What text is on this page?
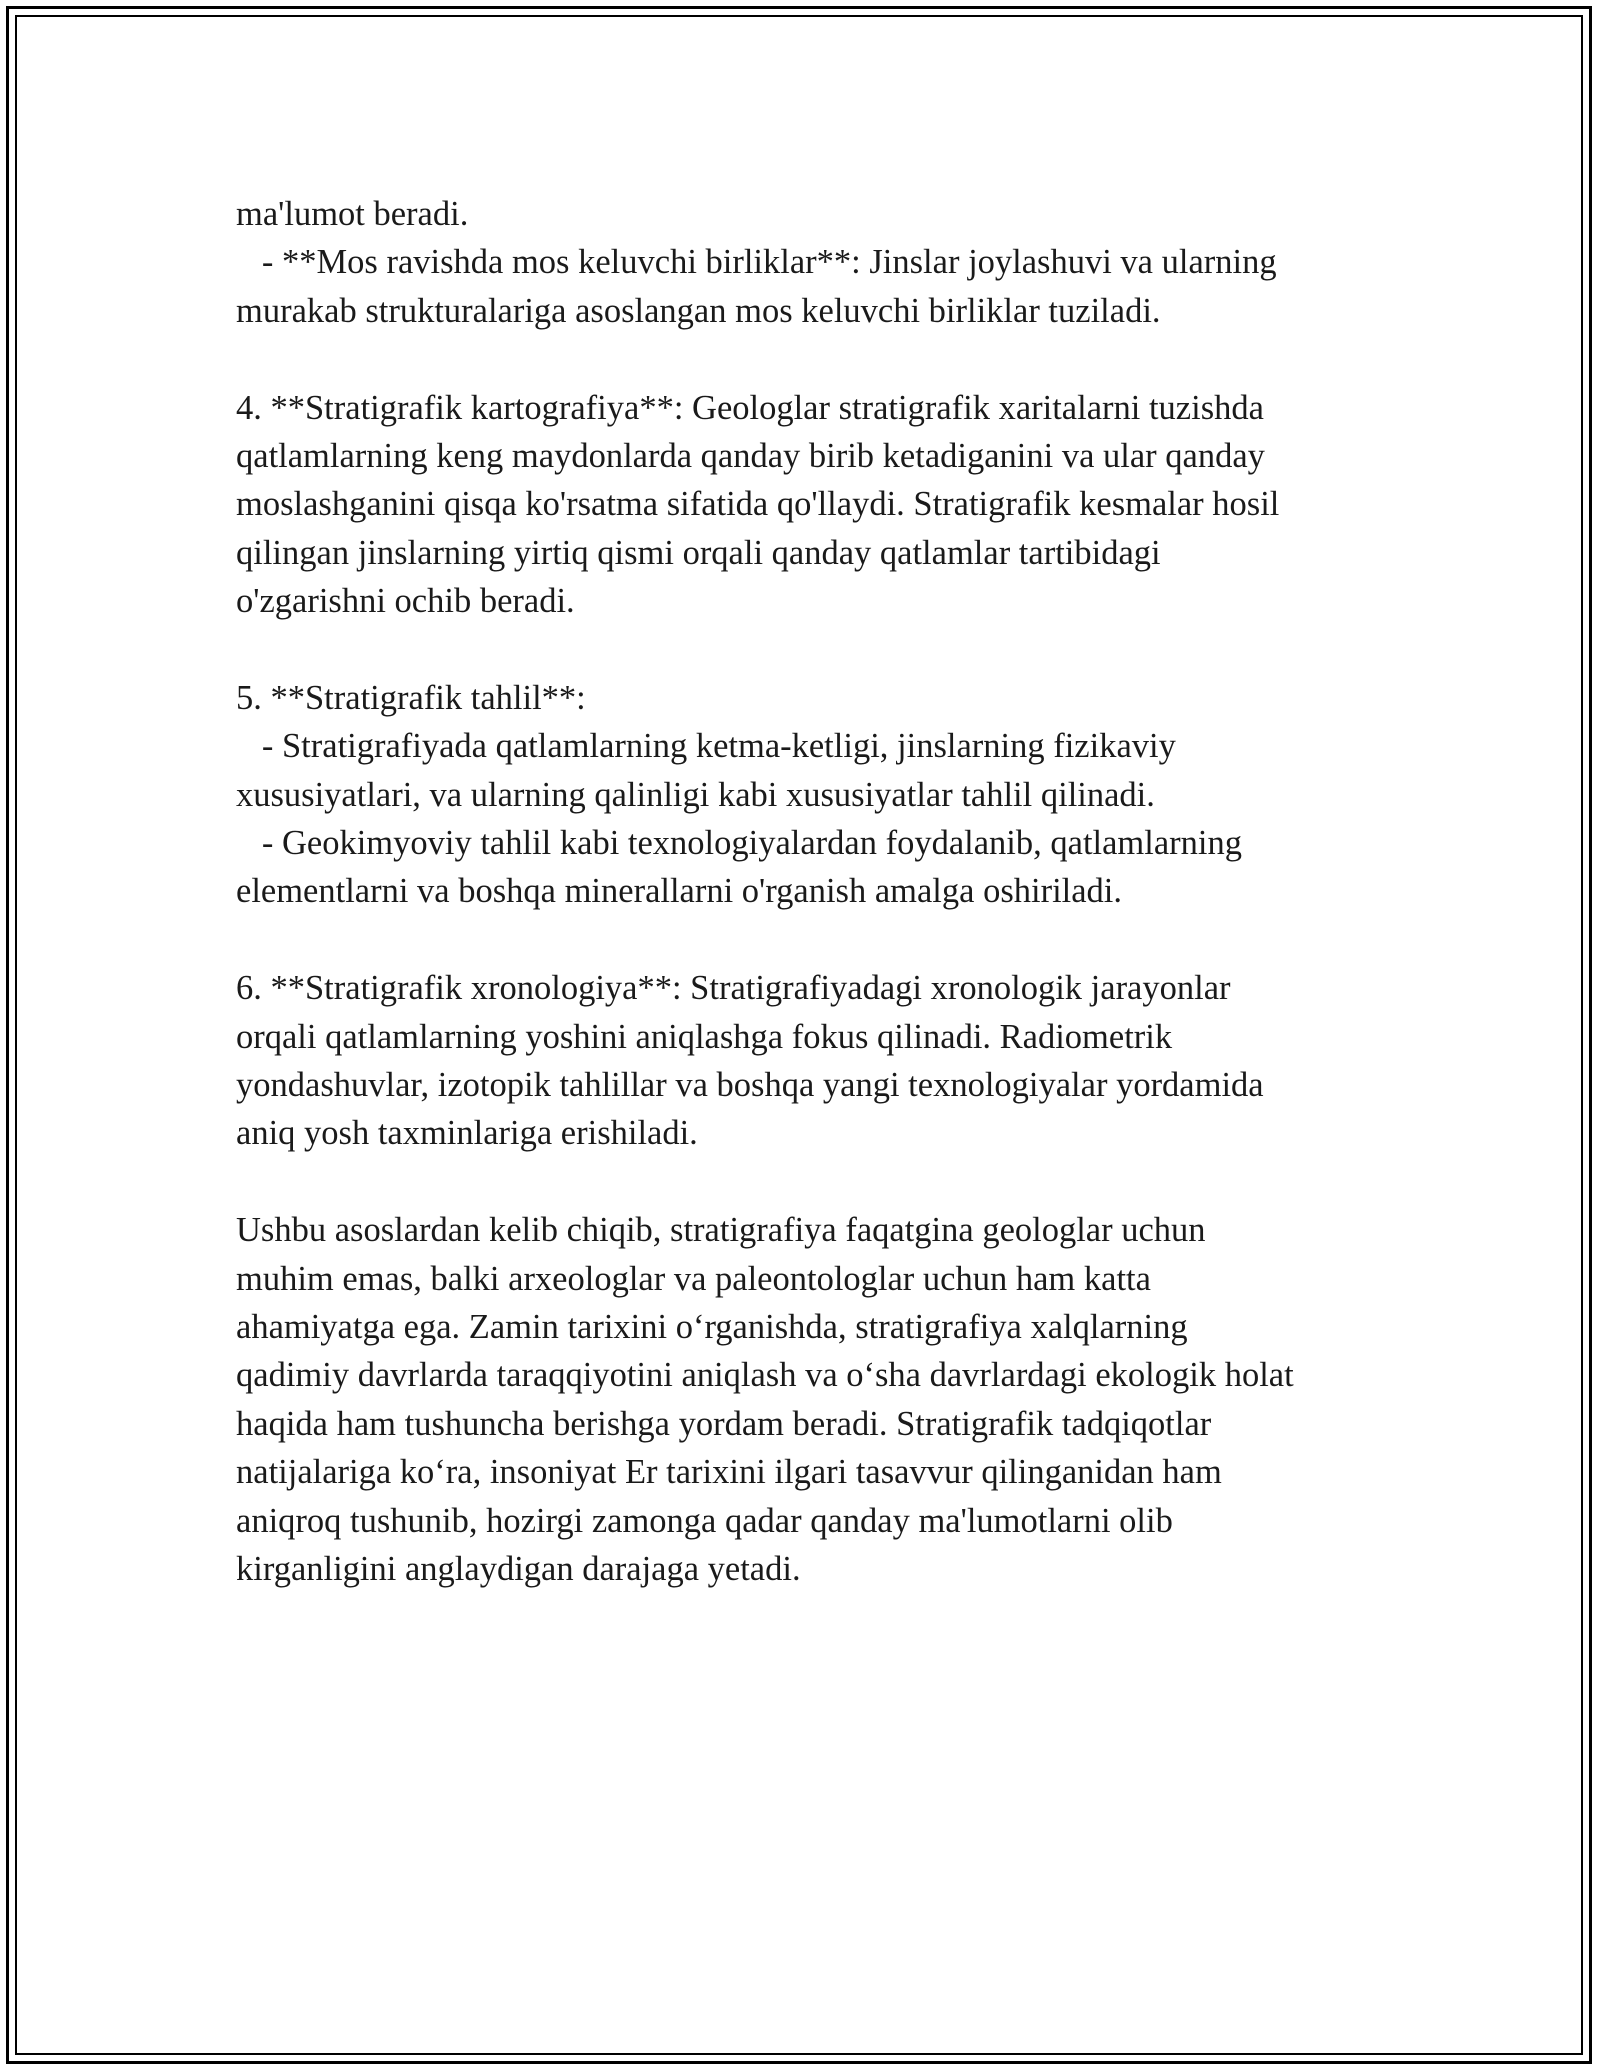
ma'lumot beradi.
- **Mos ravishda mos keluvchi birliklar**: Jinslar joylashuvi va ularning
murakab strukturalariga asoslangan mos keluvchi birliklar tuziladi.
4. **Stratigrafik kartografiya**: Geologlar stratigrafik xaritalarni tuzishda
qatlamlarning keng maydonlarda qanday birib ketadiganini va ular qanday
moslashganini qisqa ko'rsatma sifatida qo'llaydi. Stratigrafik kesmalar hosil
qilingan jinslarning yirtiq qismi orqali qanday qatlamlar tartibidagi
o'zgarishni ochib beradi.
5. **Stratigrafik tahlil**:
- Stratigrafiyada qatlamlarning ketma-ketligi, jinslarning fizikaviy
xususiyatlari, va ularning qalinligi kabi xususiyatlar tahlil qilinadi.
- Geokimyoviy tahlil kabi texnologiyalardan foydalanib, qatlamlarning
elementlarni va boshqa minerallarni o'rganish amalga oshiriladi.
6. **Stratigrafik xronologiya**: Stratigrafiyadagi xronologik jarayonlar
orqali qatlamlarning yoshini aniqlashga fokus qilinadi. Radiometrik
yondashuvlar, izotopik tahlillar va boshqa yangi texnologiyalar yordamida
aniq yosh taxminlariga erishiladi.
Ushbu asoslardan kelib chiqib, stratigrafiya faqatgina geologlar uchun
muhim emas, balki arxeologlar va paleontologlar uchun ham katta
ahamiyatga ega. Zamin tarixini o‘rganishda, stratigrafiya xalqlarning
qadimiy davrlarda taraqqiyotini aniqlash va o‘sha davrlardagi ekologik holat
haqida ham tushuncha berishga yordam beradi. Stratigrafik tadqiqotlar
natijalariga ko‘ra, insoniyat Er tarixini ilgari tasavvur qilinganidan ham
aniqroq tushunib, hozirgi zamonga qadar qanday ma'lumotlarni olib
kirganligini anglaydigan darajaga yetadi.
